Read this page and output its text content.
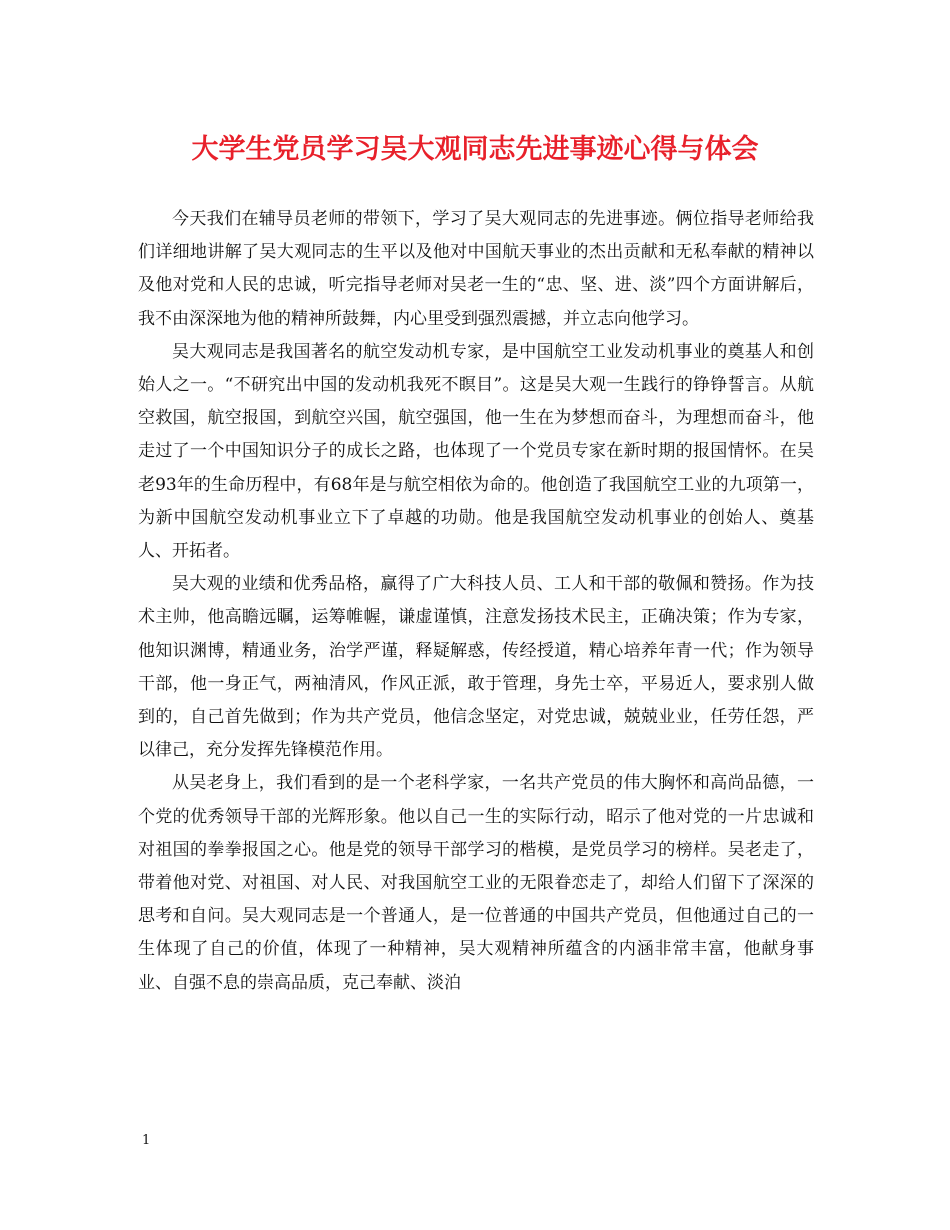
大学生党员学习吴大观同志先进事迹心得与体会

今天我们在辅导员老师的带领下，学习了吴大观同志的先进事迹。俩位指导老师给我们详细地讲解了吴大观同志的生平以及他对中国航天事业的杰出贡献和无私奉献的精神以及他对党和人民的忠诚，听完指导老师对吴老一生的“忠、坚、进、淡”四个方面讲解后，我不由深深地为他的精神所鼓舞，内心里受到强烈震撼，并立志向他学习。

吴大观同志是我国著名的航空发动机专家，是中国航空工业发动机事业的奠基人和创始人之一。“不研究出中国的发动机我死不瞑目”。这是吴大观一生践行的铮铮誓言。从航空救国，航空报国，到航空兴国，航空强国，他一生在为梦想而奋斗，为理想而奋斗，他走过了一个中国知识分子的成长之路，也体现了一个党员专家在新时期的报国情怀。在吴老93年的生命历程中，有68年是与航空相依为命的。他创造了我国航空工业的九项第一，为新中国航空发动机事业立下了卓越的功勋。他是我国航空发动机事业的创始人、奠基人、开拓者。

吴大观的业绩和优秀品格，赢得了广大科技人员、工人和干部的敬佩和赞扬。作为技术主帅，他高瞻远瞩，运筹帷幄，谦虚谨慎，注意发扬技术民主，正确决策；作为专家，他知识渊博，精通业务，治学严谨，释疑解惑，传经授道，精心培养年青一代；作为领导干部，他一身正气，两袖清风，作风正派，敢于管理，身先士卒，平易近人，要求别人做到的，自己首先做到；作为共产党员，他信念坚定，对党忠诚，兢兢业业，任劳任怨，严以律己，充分发挥先锋模范作用。

从吴老身上，我们看到的是一个老科学家，一名共产党员的伟大胸怀和高尚品德，一个党的优秀领导干部的光辉形象。他以自己一生的实际行动，昭示了他对党的一片忠诚和对祖国的拳拳报国之心。他是党的领导干部学习的楷模，是党员学习的榜样。吴老走了，带着他对党、对祖国、对人民、对我国航空工业的无限眷恋走了，却给人们留下了深深的思考和自问。吴大观同志是一个普通人，是一位普通的中国共产党员，但他通过自己的一生体现了自己的价值，体现了一种精神，吴大观精神所蕴含的内涵非常丰富，他献身事业、自强不息的崇高品质，克己奉献、淡泊

1
